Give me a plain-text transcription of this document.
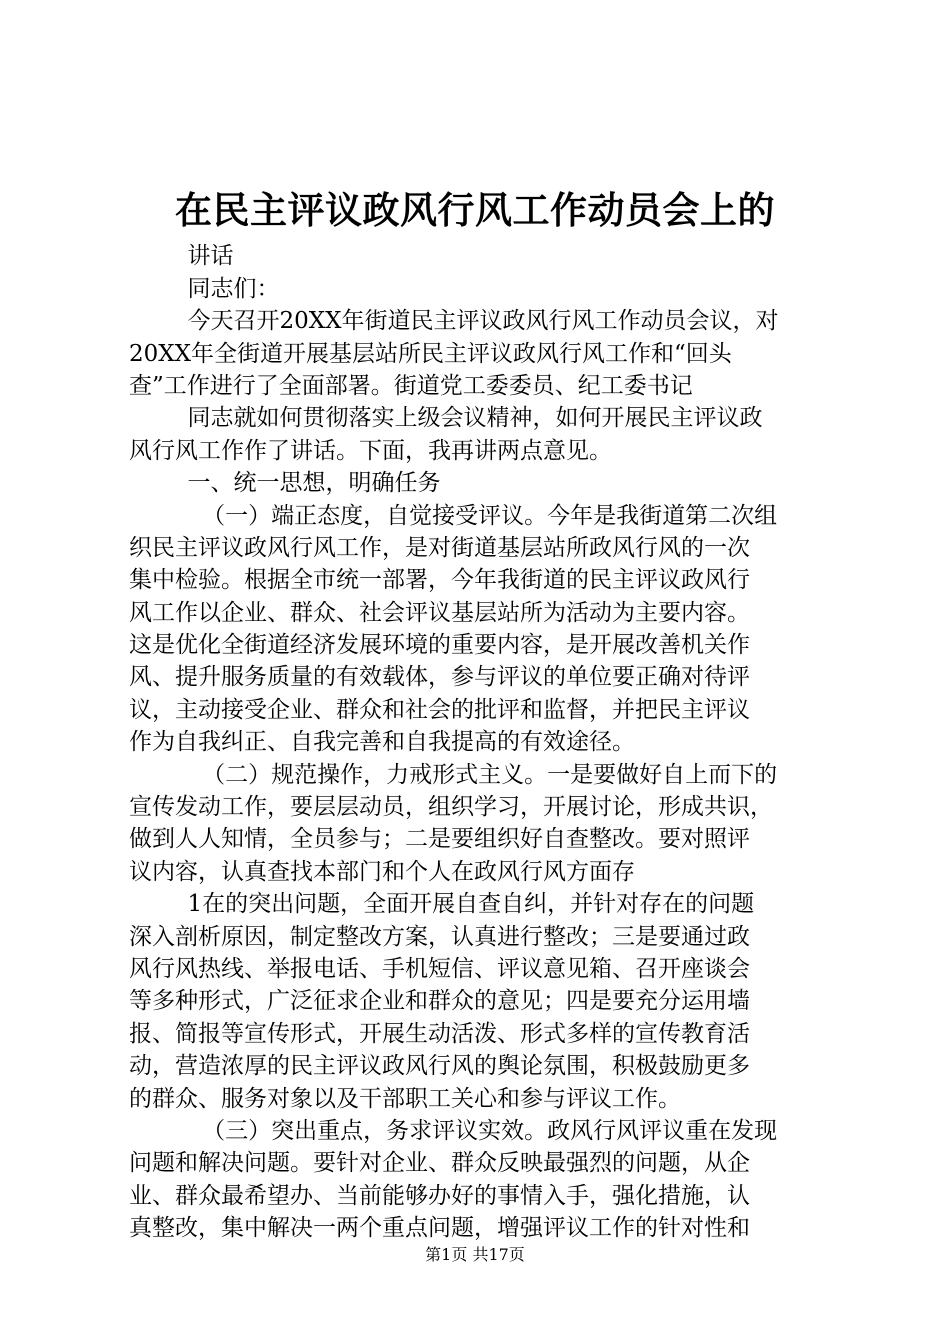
在民主评议政风行风工作动员会上的
讲话
同志们：
今天召开20XX年街道民主评议政风行风工作动员会议，对
20XX年全街道开展基层站所民主评议政风行风工作和“回头
查”工作进行了全面部署。街道党工委委员、纪工委书记
同志就如何贯彻落实上级会议精神，如何开展民主评议政
风行风工作作了讲话。下面，我再讲两点意见。
一、统一思想，明确任务
（一）端正态度，自觉接受评议。今年是我街道第二次组
织民主评议政风行风工作，是对街道基层站所政风行风的一次
集中检验。根据全市统一部署，今年我街道的民主评议政风行
风工作以企业、群众、社会评议基层站所为活动为主要内容。
这是优化全街道经济发展环境的重要内容，是开展改善机关作
风、提升服务质量的有效载体，参与评议的单位要正确对待评
议，主动接受企业、群众和社会的批评和监督，并把民主评议
作为自我纠正、自我完善和自我提高的有效途径。
（二）规范操作，力戒形式主义。一是要做好自上而下的
宣传发动工作，要层层动员，组织学习，开展讨论，形成共识，
做到人人知情，全员参与；二是要组织好自查整改。要对照评
议内容，认真查找本部门和个人在政风行风方面存
1在的突出问题，全面开展自查自纠，并针对存在的问题
深入剖析原因，制定整改方案，认真进行整改；三是要通过政
风行风热线、举报电话、手机短信、评议意见箱、召开座谈会
等多种形式，广泛征求企业和群众的意见；四是要充分运用墙
报、简报等宣传形式，开展生动活泼、形式多样的宣传教育活
动，营造浓厚的民主评议政风行风的舆论氛围，积极鼓励更多
的群众、服务对象以及干部职工关心和参与评议工作。
（三）突出重点，务求评议实效。政风行风评议重在发现
问题和解决问题。要针对企业、群众反映最强烈的问题，从企
业、群众最希望办、当前能够办好的事情入手，强化措施，认
真整改，集中解决一两个重点问题，增强评议工作的针对性和
第1页 共17页
